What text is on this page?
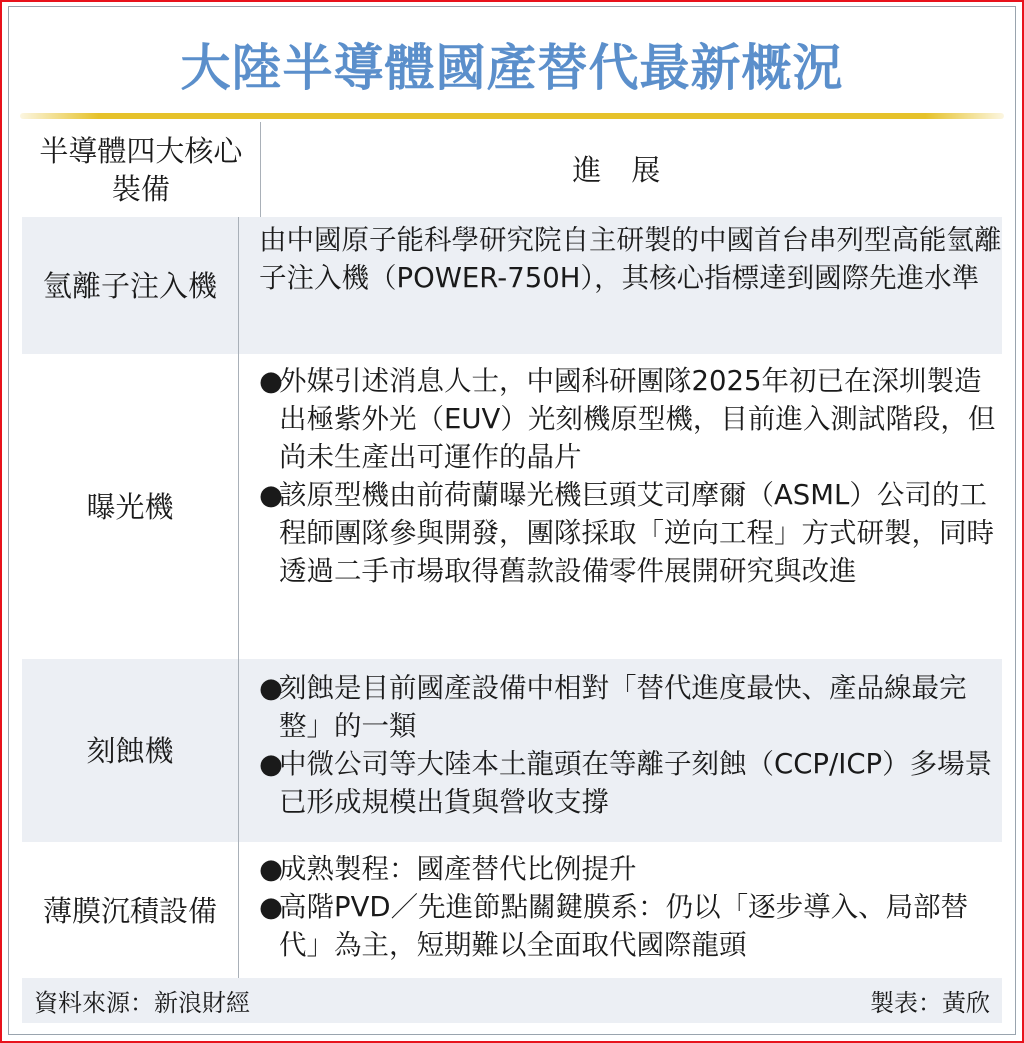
大陸半導體國產替代最新概況
半導體四大核心裝備
進展
氫離子注入機
由中國原子能科學研究院自主研製的中國首台串列型高能氫離子注入機（POWER-750H），其核心指標達到國際先進水準
曝光機
●
外媒引述消息人士，中國科研團隊2025年初已在深圳製造出極紫外光（EUV）光刻機原型機，目前進入測試階段，但尚未生產出可運作的晶片
●
該原型機由前荷蘭曝光機巨頭艾司摩爾（ASML）公司的工程師團隊參與開發，團隊採取「逆向工程」方式研製，同時透過二手市場取得舊款設備零件展開研究與改進
刻蝕機
●
刻蝕是目前國產設備中相對「替代進度最快、產品線最完整」的一類
●
中微公司等大陸本土龍頭在等離子刻蝕（CCP/ICP）多場景已形成規模出貨與營收支撐
薄膜沉積設備
●
成熟製程：國產替代比例提升
●
高階PVD／先進節點關鍵膜系：仍以「逐步導入、局部替代」為主，短期難以全面取代國際龍頭
資料來源：新浪財經	製表：黃欣
